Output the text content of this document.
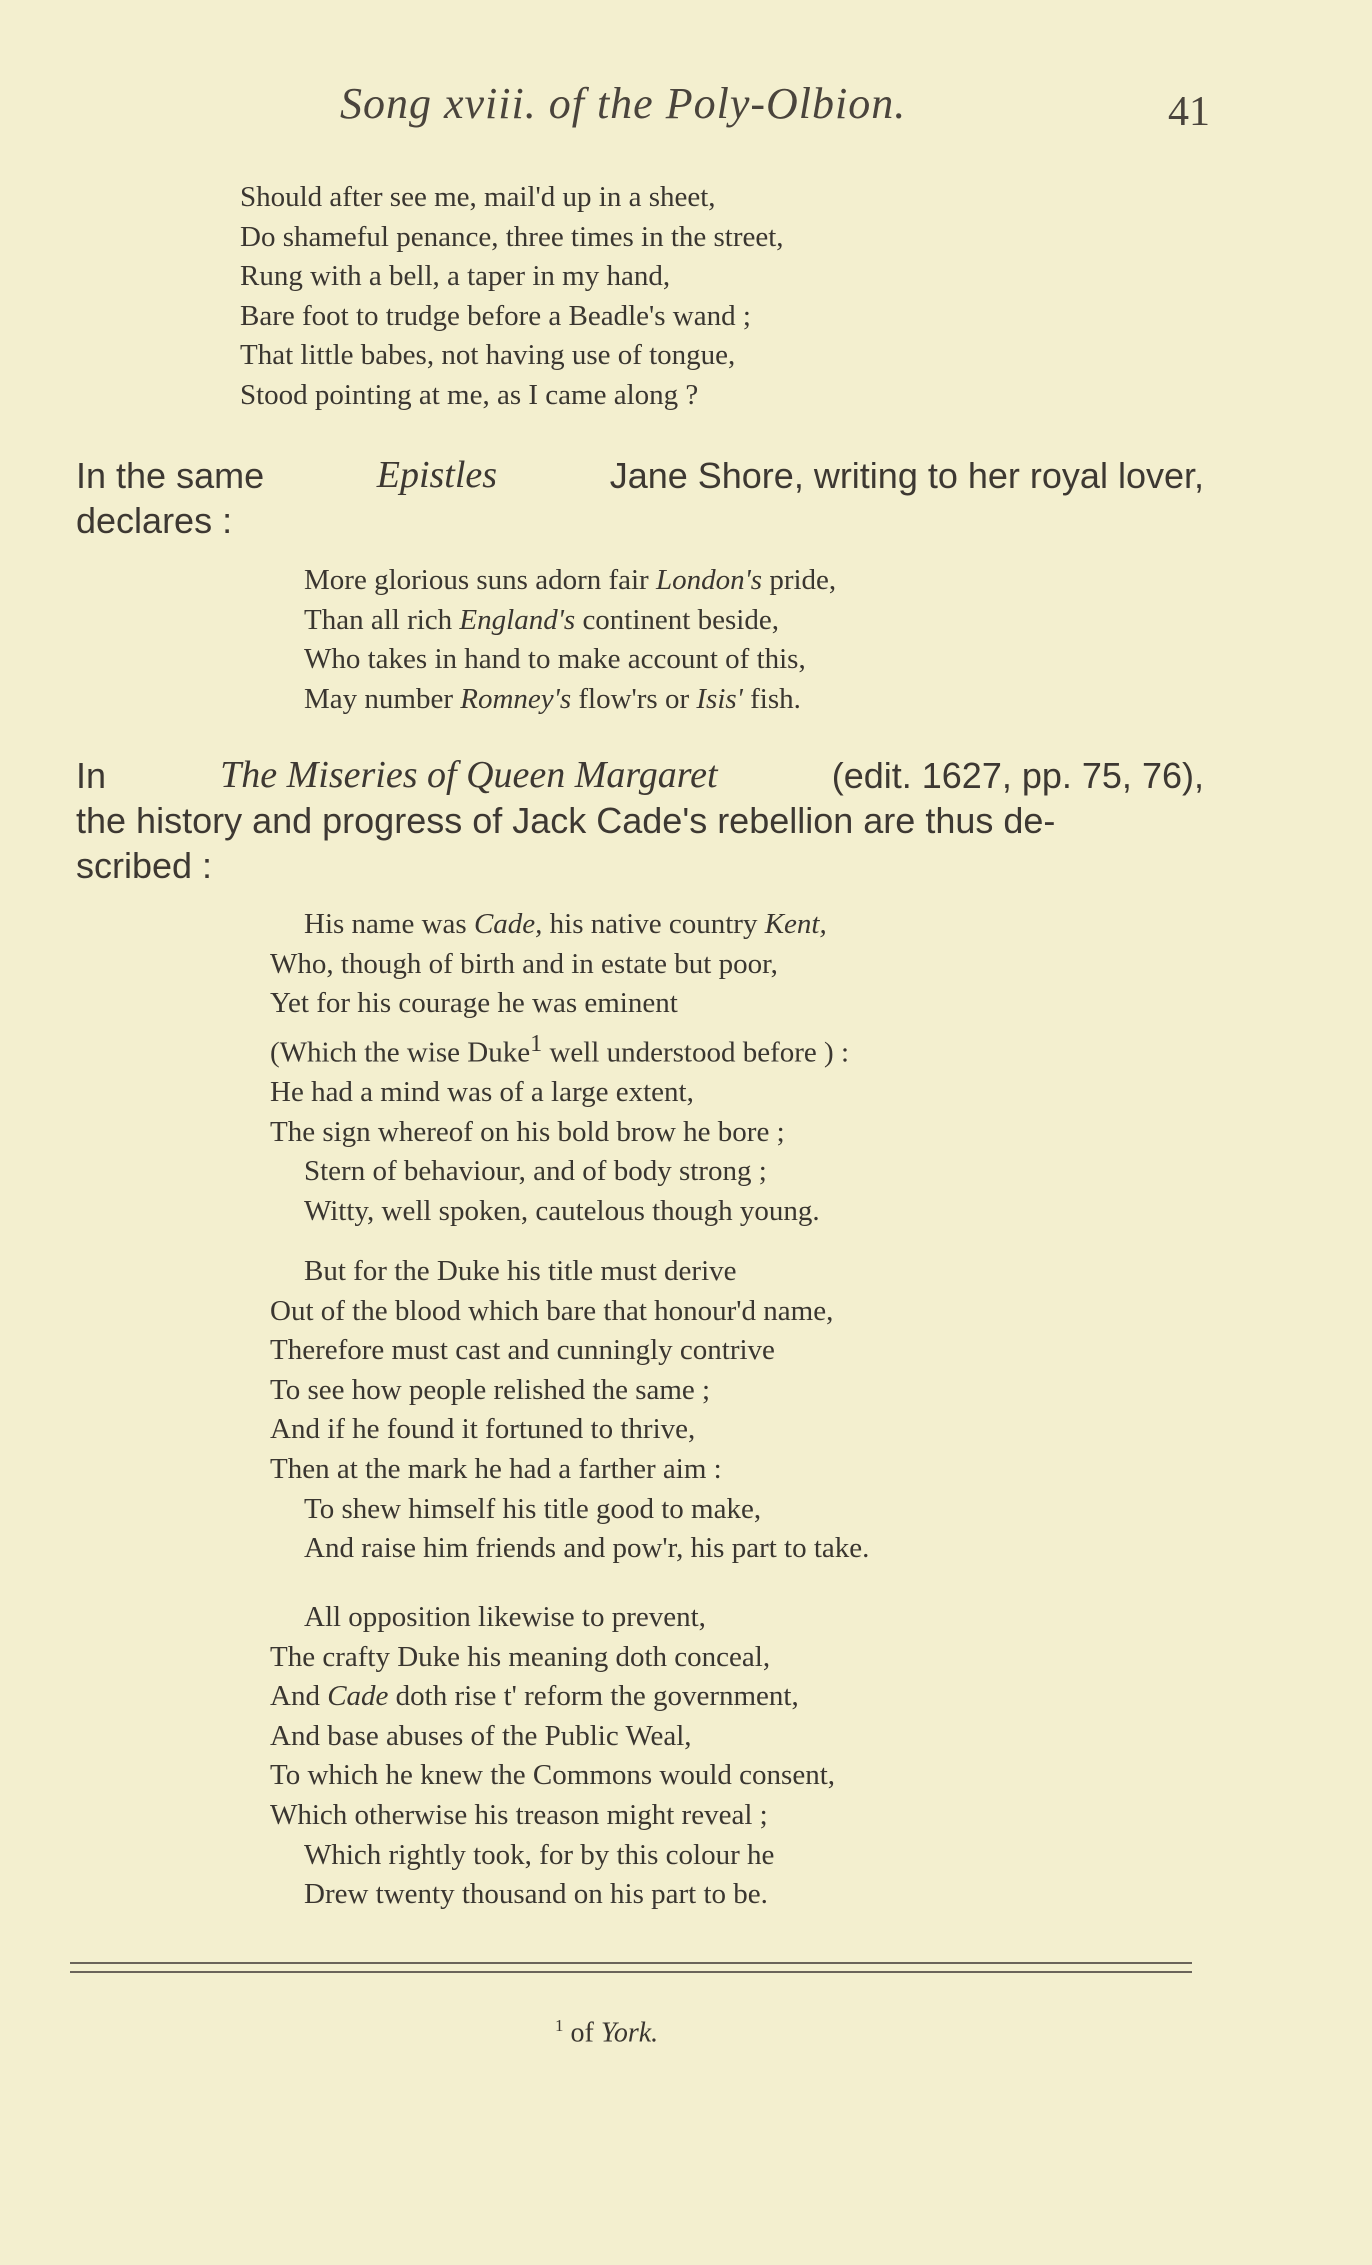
Song xviii. of the Poly-Olbion.	41
Should after see me, mail'd up in a sheet,
Do shameful penance, three times in the street,
Rung with a bell, a taper in my hand,
Bare foot to trudge before a Beadle's wand ;
That little babes, not having use of tongue,
Stood pointing at me, as I came along ?
In the same	Epistles	Jane Shore, writing to her royal lover,
declares :
More glorious suns adorn fair London's pride,
Than all rich England's continent beside,
Who takes in hand to make account of this,
May number Romney's flow'rs or Isis' fish.
In	The Miseries of Queen Margaret	(edit. 1627, pp. 75, 76),
the history and progress of Jack Cade's rebellion are thus de-
scribed :
His name was Cade, his native country Kent,
Who, though of birth and in estate but poor,
Yet for his courage he was eminent
(Which the wise Duke$^1$ well understood before ) :
He had a mind was of a large extent,
The sign whereof on his bold brow he bore ;
Stern of behaviour, and of body strong ;
Witty, well spoken, cautelous though young.
But for the Duke his title must derive
Out of the blood which bare that honour'd name,
Therefore must cast and cunningly contrive
To see how people relished the same ;
And if he found it fortuned to thrive,
Then at the mark he had a farther aim :
To shew himself his title good to make,
And raise him friends and pow'r, his part to take.
All opposition likewise to prevent,
The crafty Duke his meaning doth conceal,
And Cade doth rise t' reform the government,
And base abuses of the Public Weal,
To which he knew the Commons would consent,
Which otherwise his treason might reveal ;
Which rightly took, for by this colour he
Drew twenty thousand on his part to be.
$^1$ of York.
